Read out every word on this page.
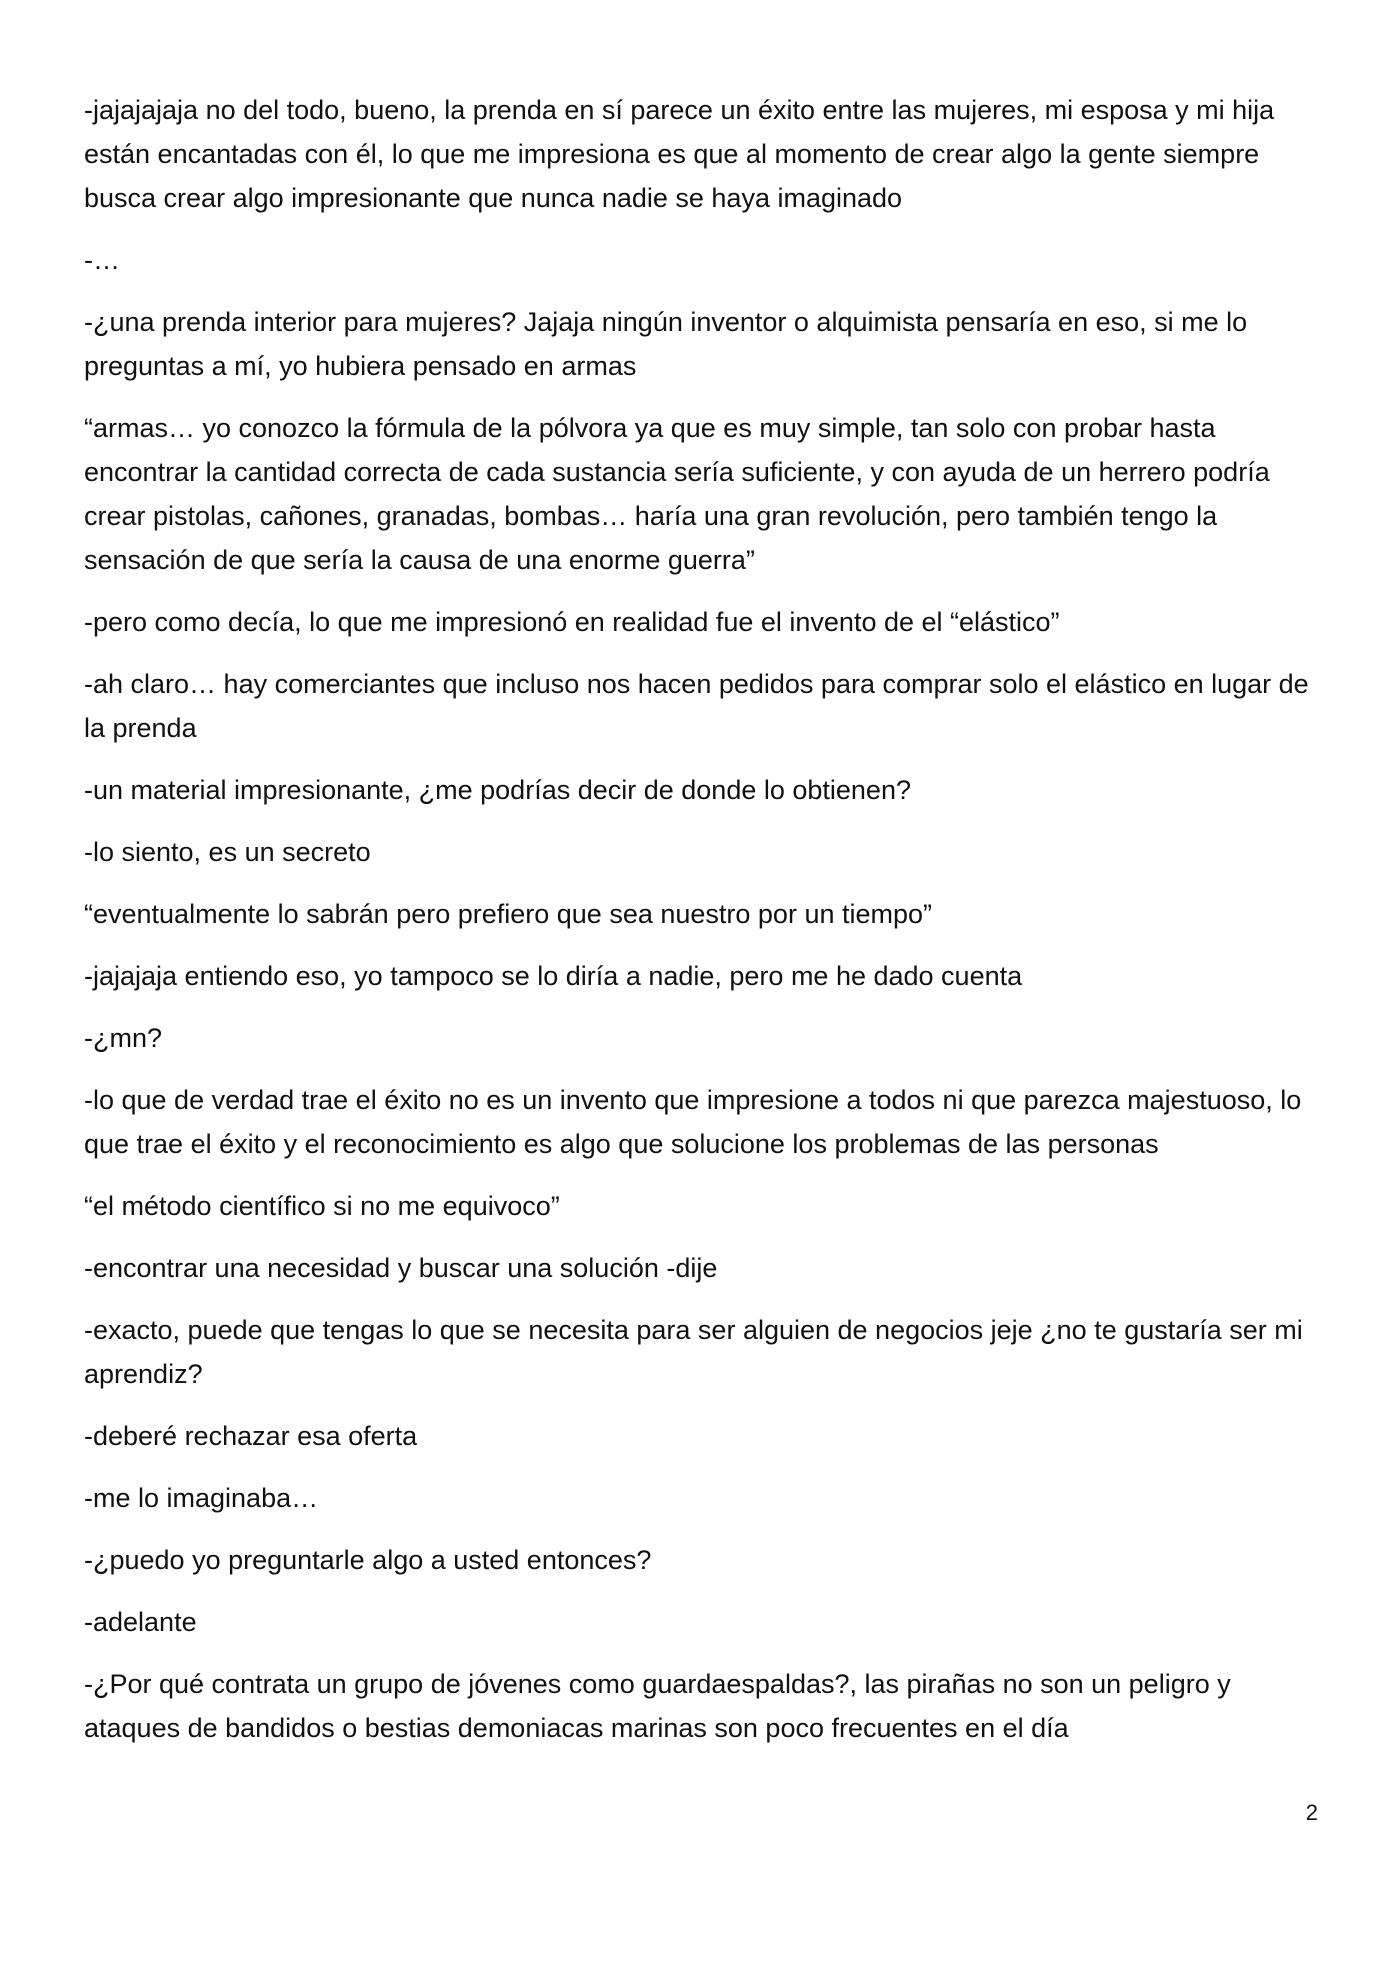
-jajajajaja no del todo, bueno, la prenda en sí parece un éxito entre las mujeres, mi esposa y mi hija están encantadas con él, lo que me impresiona es que al momento de crear algo la gente siempre busca crear algo impresionante que nunca nadie se haya imaginado

-…

-¿una prenda interior para mujeres? Jajaja ningún inventor o alquimista pensaría en eso, si me lo preguntas a mí, yo hubiera pensado en armas

“armas… yo conozco la fórmula de la pólvora ya que es muy simple, tan solo con probar hasta encontrar la cantidad correcta de cada sustancia sería suficiente, y con ayuda de un herrero podría crear pistolas, cañones, granadas, bombas… haría una gran revolución, pero también tengo la sensación de que sería la causa de una enorme guerra”

-pero como decía, lo que me impresionó en realidad fue el invento de el “elástico”

-ah claro… hay comerciantes que incluso nos hacen pedidos para comprar solo el elástico en lugar de la prenda

-un material impresionante, ¿me podrías decir de donde lo obtienen?

-lo siento, es un secreto

“eventualmente lo sabrán pero prefiero que sea nuestro por un tiempo”

-jajajaja entiendo eso, yo tampoco se lo diría a nadie, pero me he dado cuenta

-¿mn?

-lo que de verdad trae el éxito no es un invento que impresione a todos ni que parezca majestuoso, lo que trae el éxito y el reconocimiento es algo que solucione los problemas de las personas

“el método científico si no me equivoco”

-encontrar una necesidad y buscar una solución -dije

-exacto, puede que tengas lo que se necesita para ser alguien de negocios jeje ¿no te gustaría ser mi aprendiz?

-deberé rechazar esa oferta

-me lo imaginaba…

-¿puedo yo preguntarle algo a usted entonces?

-adelante

-¿Por qué contrata un grupo de jóvenes como guardaespaldas?, las pirañas no son un peligro y ataques de bandidos o bestias demoniacas marinas son poco frecuentes en el día

2
